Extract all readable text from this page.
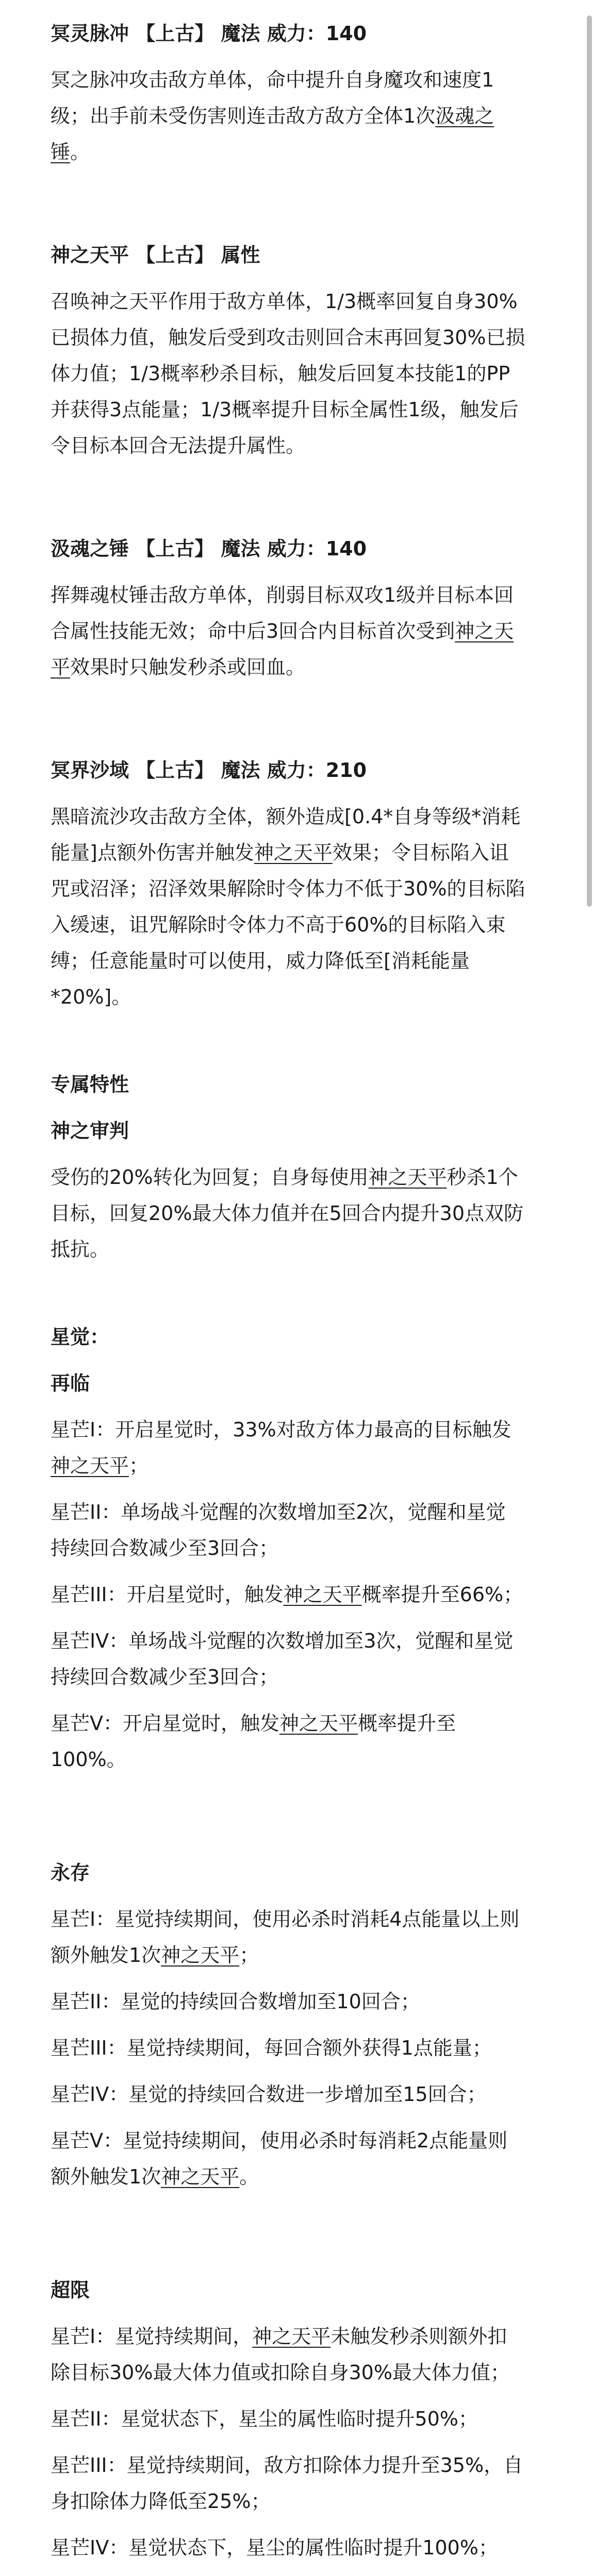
冥灵脉冲 【上古】 魔法 威力：140
冥之脉冲攻击敌方单体，命中提升自身魔攻和速度1
级；出手前未受伤害则连击敌方敌方全体1次汲魂之
锤。
神之天平 【上古】 属性
召唤神之天平作用于敌方单体，1/3概率回复自身30%
已损体力值，触发后受到攻击则回合末再回复30%已损
体力值；1/3概率秒杀目标，触发后回复本技能1的PP
并获得3点能量；1/3概率提升目标全属性1级，触发后
令目标本回合无法提升属性。
汲魂之锤 【上古】 魔法 威力：140
挥舞魂杖锤击敌方单体，削弱目标双攻1级并目标本回
合属性技能无效；命中后3回合内目标首次受到神之天
平效果时只触发秒杀或回血。
冥界沙域 【上古】 魔法 威力：210
黑暗流沙攻击敌方全体，额外造成[0.4*自身等级*消耗
能量]点额外伤害并触发神之天平效果；令目标陷入诅
咒或沼泽；沼泽效果解除时令体力不低于30%的目标陷
入缓速，诅咒解除时令体力不高于60%的目标陷入束
缚；任意能量时可以使用，威力降低至[消耗能量
*20%]。
专属特性
神之审判
受伤的20%转化为回复；自身每使用神之天平秒杀1个
目标，回复20%最大体力值并在5回合内提升30点双防
抵抗。
星觉：
再临
星芒I：开启星觉时，33%对敌方体力最高的目标触发
神之天平；
星芒II：单场战斗觉醒的次数增加至2次，觉醒和星觉
持续回合数减少至3回合；
星芒III：开启星觉时，触发神之天平概率提升至66%；
星芒IV：单场战斗觉醒的次数增加至3次，觉醒和星觉
持续回合数减少至3回合；
星芒V：开启星觉时，触发神之天平概率提升至
100%。
永存
星芒I：星觉持续期间，使用必杀时消耗4点能量以上则
额外触发1次神之天平；
星芒II：星觉的持续回合数增加至10回合；
星芒III：星觉持续期间，每回合额外获得1点能量；
星芒IV：星觉的持续回合数进一步增加至15回合；
星芒V：星觉持续期间，使用必杀时每消耗2点能量则
额外触发1次神之天平。
超限
星芒I：星觉持续期间，神之天平未触发秒杀则额外扣
除目标30%最大体力值或扣除自身30%最大体力值；
星芒II：星觉状态下，星尘的属性临时提升50%；
星芒III：星觉持续期间，敌方扣除体力提升至35%，自
身扣除体力降低至25%；
星芒IV：星觉状态下，星尘的属性临时提升100%；
